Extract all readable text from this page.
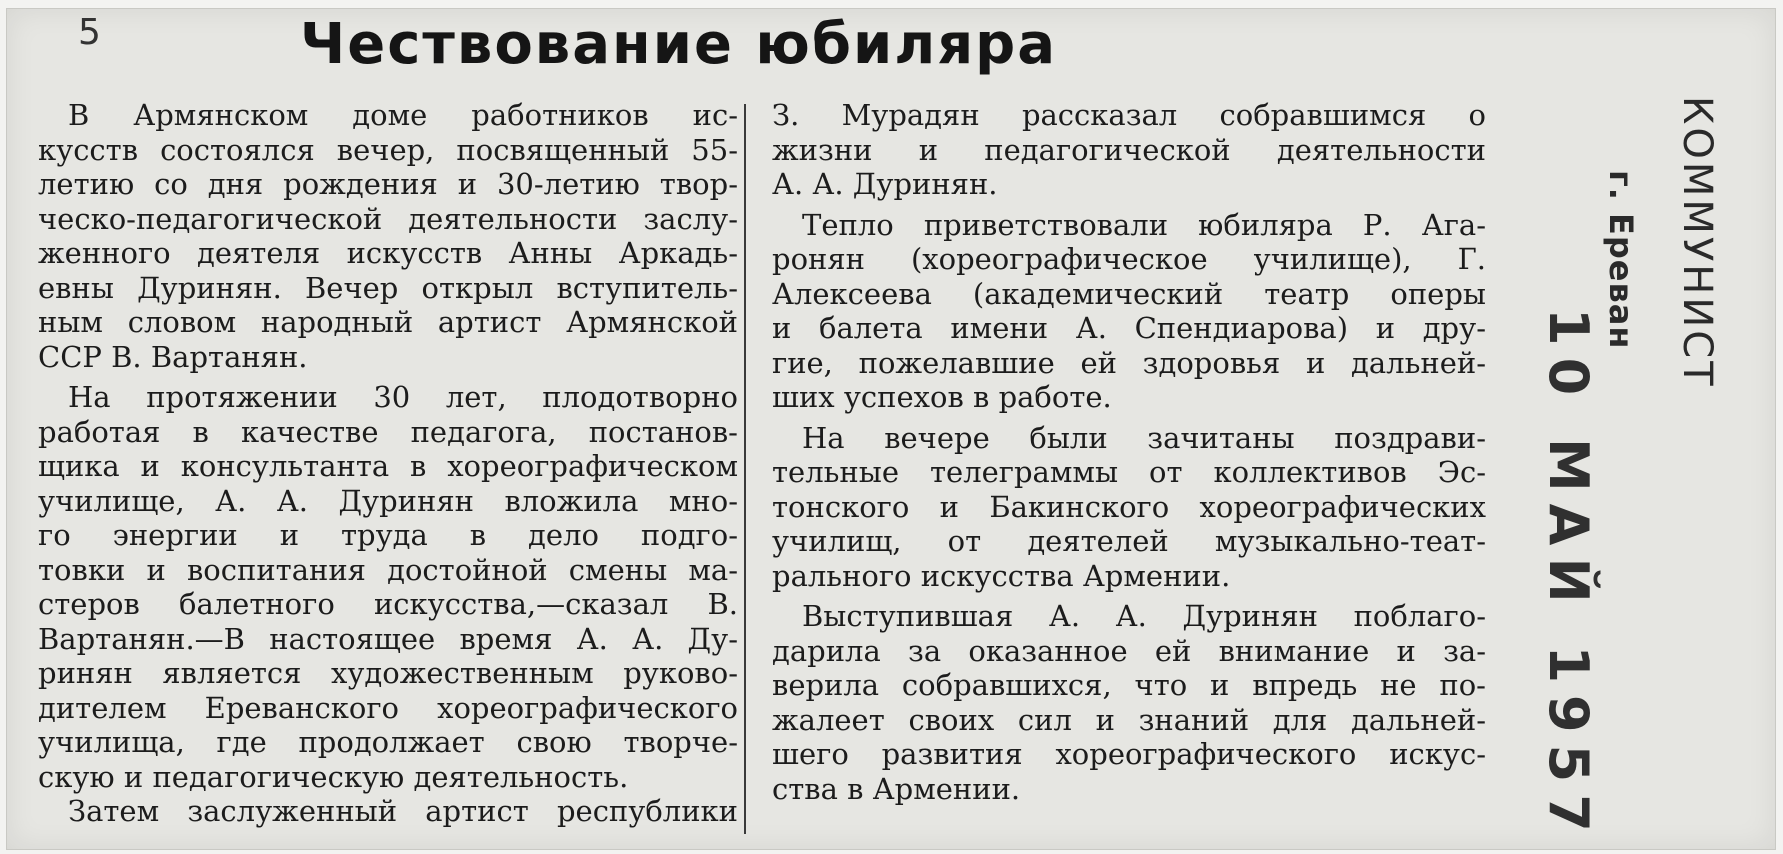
5	Чествование юбиляра
В Армянском доме работников ис-
кусств состоялся вечер, посвященный 55-
летию со дня рождения и 30-летию твор-
ческо-педагогической деятельности заслу-
женного деятеля искусств Анны Аркадь-
евны Дуринян. Вечер открыл вступитель-
ным словом народный артист Армянской
ССР В. Вартанян.
На протяжении 30 лет, плодотворно
работая в качестве педагога, постанов-
щика и консультанта в хореографическом
училище, А. А. Дуринян вложила мно-
го энергии и труда в дело подго-
товки и воспитания достойной смены ма-
стеров балетного искусства,—сказал В.
Вартанян.—В настоящее время А. А. Ду-
ринян является художественным руково-
дителем Ереванского хореографического
училища, где продолжает свою творче-
скую и педагогическую деятельность.
Затем заслуженный артист республики
З. Мурадян рассказал собравшимся о
жизни и педагогической деятельности
А. А. Дуринян.
Тепло приветствовали юбиляра Р. Ага-
ронян (хореографическое училище), Г.
Алексеева (академический театр оперы
и балета имени А. Спендиарова) и дру-
гие, пожелавшие ей здоровья и дальней-
ших успехов в работе.
На вечере были зачитаны поздрави-
тельные телеграммы от коллективов Эс-
тонского и Бакинского хореографических
училищ, от деятелей музыкально-теат-
рального искусства Армении.
Выступившая А. А. Дуринян поблаго-
дарила за оказанное ей внимание и за-
верила собравшихся, что и впредь не по-
жалеет своих сил и знаний для дальней-
шего развития хореографического искус-
ства в Армении.
КОММУНИСТ
г. Ереван
10 МАЙ 1957
